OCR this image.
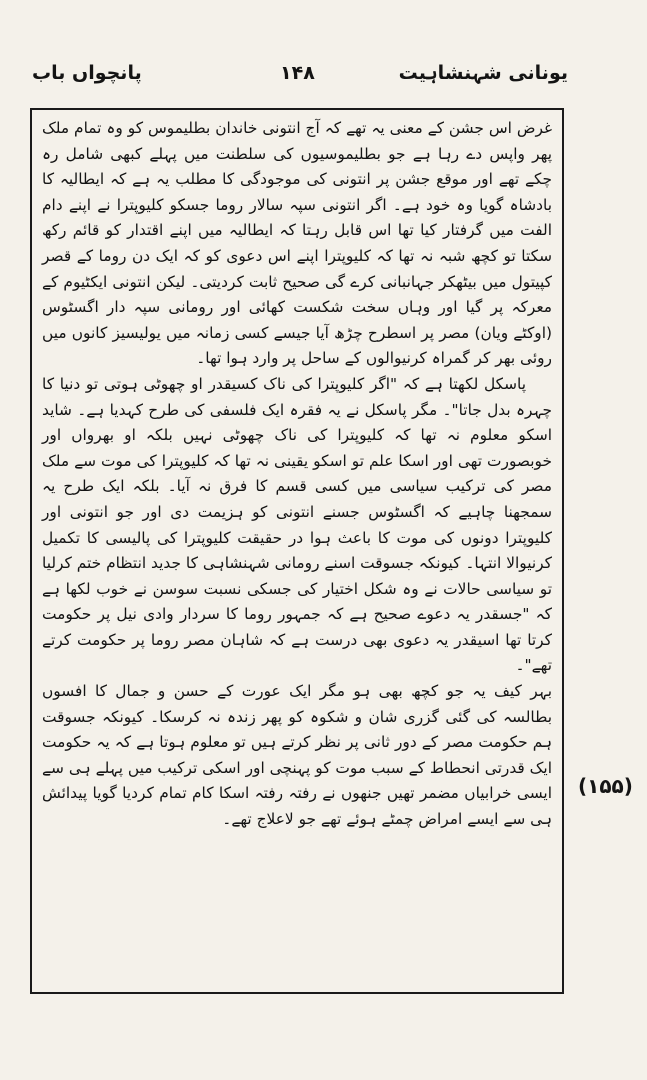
یونانی شہنشاہیت
۱۴۸
پانچواں باب

غرض اس جشن کے معنی یہ تھے کہ آج انتونی خاندان بطلیموس کو وہ تمام ملک پھر واپس دے رہا ہے جو بطلیموسیوں کی سلطنت میں پہلے کبھی شامل رہ چکے تھے اور موقع جشن پر انتونی کی موجودگی کا مطلب یہ ہے کہ ایطالیہ کا بادشاہ گویا وہ خود ہے۔ اگر انتونی سپہ سالار روما جسکو کلیوپترا نے اپنے دام الفت میں گرفتار کیا تھا اس قابل رہتا کہ ایطالیہ میں اپنے اقتدار کو قائم رکھ سکتا تو کچھ شبہ نہ تھا کہ کلیوپترا اپنے اس دعوی کو کہ ایک دن روما کے قصر کپیتول میں بیٹھکر جہانبانی کرے گی صحیح ثابت کردیتی۔ لیکن انتونی ایکٹیوم کے معرکہ پر گیا اور وہاں سخت شکست کھائی اور رومانی سپہ دار اگسٹوس (اوکٹے ویان) مصر پر اسطرح چڑھ آیا جیسے کسی زمانہ میں یولیسیز کانوں میں روئی بھر کر گمراہ کرنیوالوں کے ساحل پر وارد ہوا تھا۔

پاسکل لکھتا ہے کہ "اگر کلیوپترا کی ناک کسیقدر او چھوٹی ہوتی تو دنیا کا چہرہ بدل جاتا"۔ مگر پاسکل نے یہ فقرہ ایک فلسفی کی طرح کہدیا ہے۔ شاید اسکو معلوم نہ تھا کہ کلیوپترا کی ناک چھوٹی نہیں بلکہ او بھرواں اور خوبصورت تھی اور اسکا علم تو اسکو یقینی نہ تھا کہ کلیوپترا کی موت سے ملک مصر کی ترکیب سیاسی میں کسی قسم کا فرق نہ آیا۔ بلکہ ایک طرح یہ سمجھنا چاہیے کہ اگسٹوس جسنے انتونی کو ہزیمت دی اور جو انتونی اور کلیوپترا دونوں کی موت کا باعث ہوا در حقیقت کلیوپترا کی پالیسی کا تکمیل کرنیوالا انتہا۔ کیونکہ جسوقت اسنے رومانی شہنشاہی کا جدید انتظام ختم کرلیا تو سیاسی حالات نے وہ شکل اختیار کی جسکی نسبت سوسن نے خوب لکھا ہے کہ "جسقدر یہ دعوے صحیح ہے کہ جمہور روما کا سردار وادی نیل پر حکومت کرتا تھا اسیقدر یہ دعوی بھی درست ہے کہ شاہان مصر روما پر حکومت کرتے تھے"۔

بہر کیف یہ جو کچھ بھی ہو مگر ایک عورت کے حسن و جمال کا افسوں بطالسہ کی گئی گزری شان و شکوہ کو پھر زندہ نہ کرسکا۔ کیونکہ جسوقت ہم حکومت مصر کے دور ثانی پر نظر کرتے ہیں تو معلوم ہوتا ہے کہ یہ حکومت ایک قدرتی انحطاط کے سبب موت کو پہنچی اور اسکی ترکیب میں پہلے ہی سے ایسی خرابیاں مضمر تھیں جنھوں نے رفتہ رفتہ اسکا کام تمام کردیا گویا پیدائش ہی سے ایسے امراض چمٹے ہوئے تھے جو لاعلاج تھے۔

(۱۵۵)
